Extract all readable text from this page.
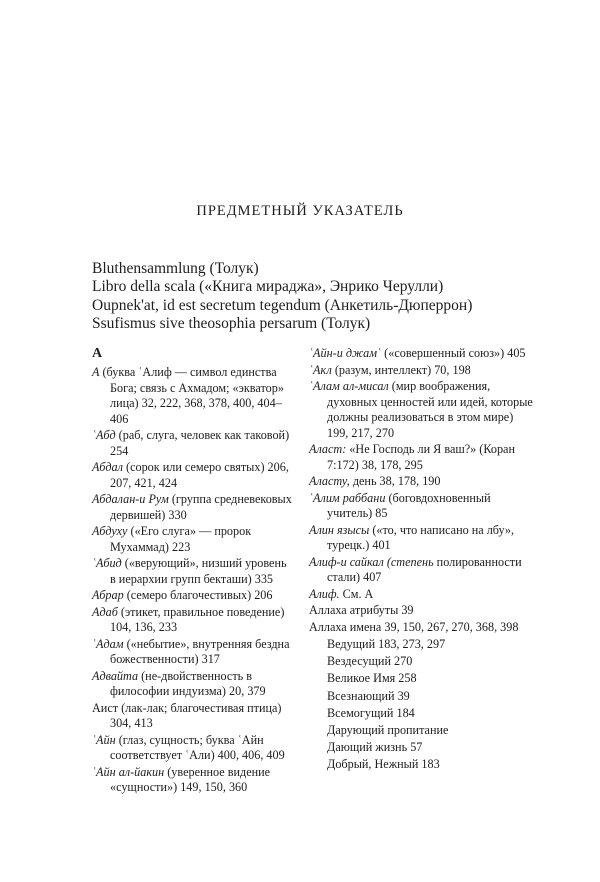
ПРЕДМЕТНЫЙ УКАЗАТЕЛЬ
Bluthensammlung (Толук)
Libro della scala («Книга мираджа», Энрико Черулли)
Oupnek'at, id est secretum tegendum (Анкетиль-Дюперрон)
Ssufismus sive theosophia persarum (Толук)
А
А (буква ʿАлиф — символ единства Бога; связь с Ахмадом; «экватор» лица) 32, 222, 368, 378, 400, 404–406
ʿАбд (раб, слуга, человек как таковой) 254
Абдал (сорок или семеро святых) 206, 207, 421, 424
Абдалан-и Рум (группа средневековых дервишей) 330
Абдуху («Его слуга» — пророк Мухаммад) 223
ʿАбид («верующий», низший уровень в иерархии групп бекташи) 335
Абрар (семеро благочестивых) 206
Адаб (этикет, правильное поведение) 104, 136, 233
ʿАдам («небытие», внутренняя бездна божественности) 317
Адвайта (не-двойственность в философии индуизма) 20, 379
Аист (лак-лак; благочестивая птица) 304, 413
ʿАйн (глаз, сущность; буква ʿАйн соответствует ʿАли) 400, 406, 409
ʿАйн ал-йакин (уверенное видение «сущности») 149, 150, 360
ʿАйн-и джамʿ («совершенный союз») 405
ʿАкл (разум, интеллект) 70, 198
ʿАлам ал-мисал (мир воображения, духовных ценностей или идей, которые должны реализоваться в этом мире) 199, 217, 270
Аласт: «Не Господь ли Я ваш?» (Коран 7:172) 38, 178, 295
Аласту, день 38, 178, 190
ʿАлим раббани (боговдохновенный учитель) 85
Алин язысы («то, что написано на лбу», турецк.) 401
Алиф-и сайкал (степень полированности стали) 407
Алиф. См. А
Аллаха атрибуты 39
Аллаха имена 39, 150, 267, 270, 368, 398
Ведущий 183, 273, 297
Вездесущий 270
Великое Имя 258
Всезнающий 39
Всемогущий 184
Дарующий пропитание
Дающий жизнь 57
Добрый, Нежный 183
